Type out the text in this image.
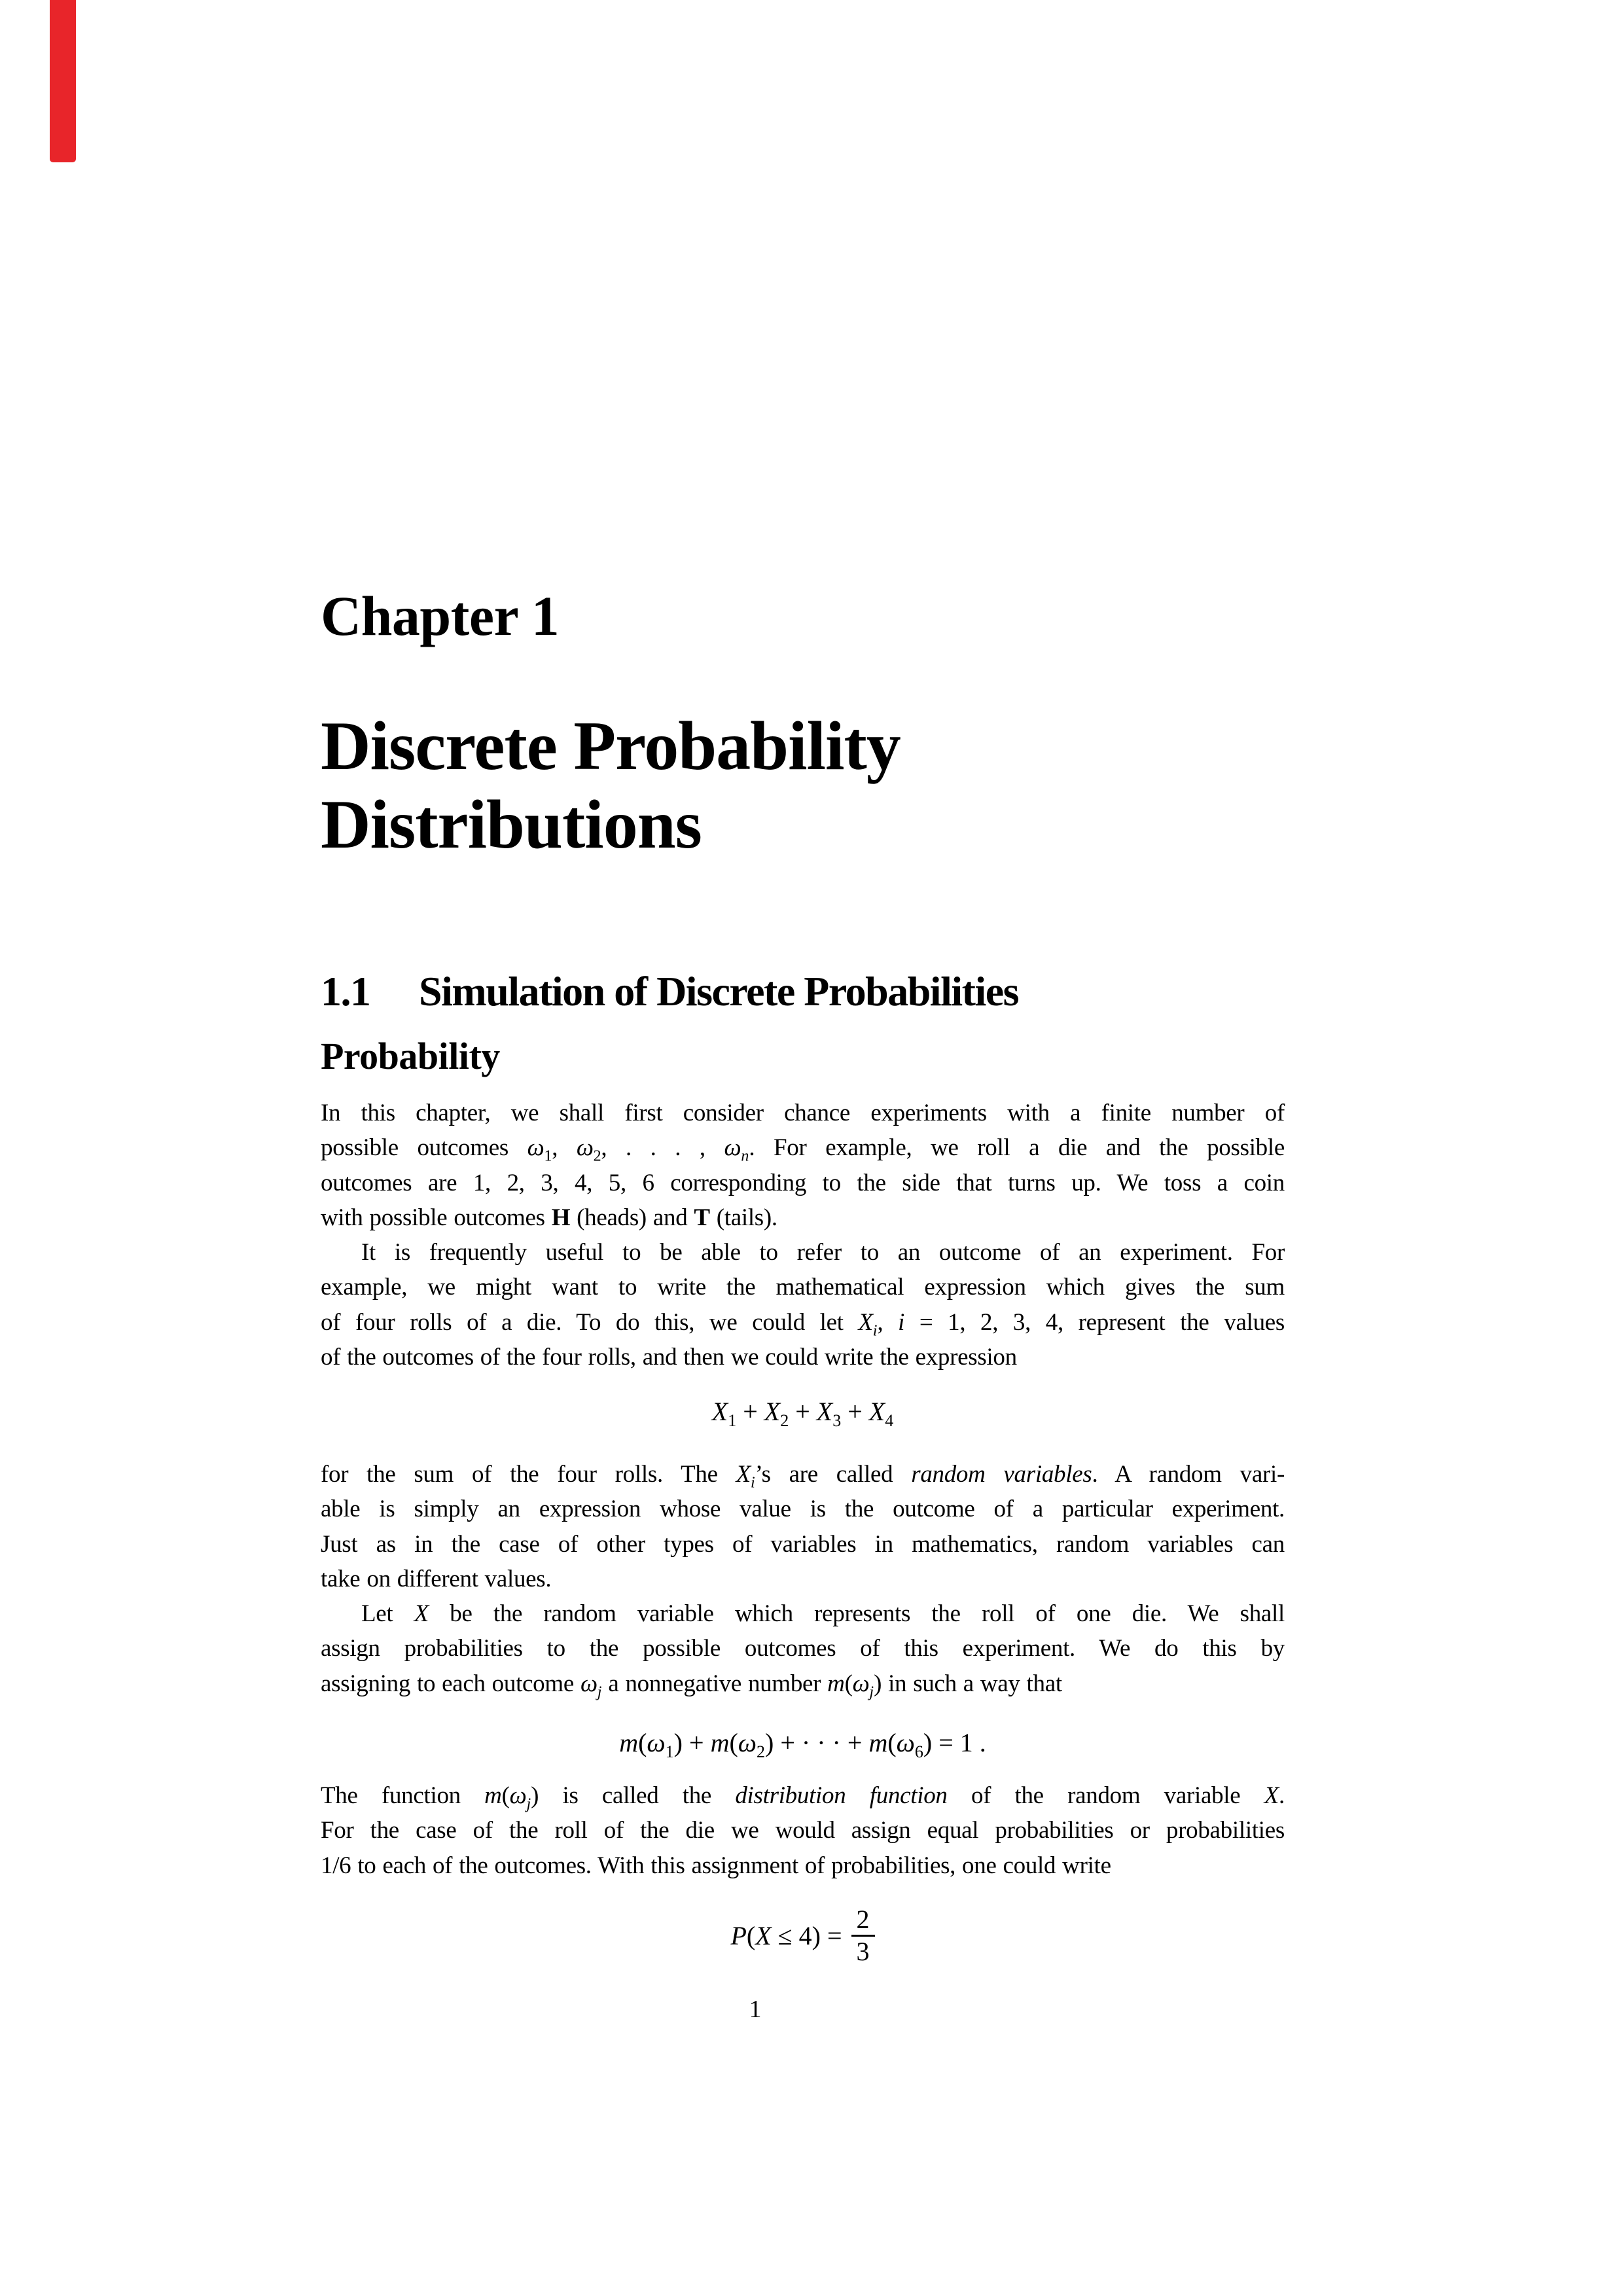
Chapter 1
Discrete Probability
Distributions
1.1 Simulation of Discrete Probabilities
Probability
In this chapter, we shall first consider chance experiments with a finite number of
possible outcomes $\omega_1$, $\omega_2$, . . . , $\omega_n$. For example, we roll a die and the possible
outcomes are 1, 2, 3, 4, 5, 6 corresponding to the side that turns up. We toss a coin
with possible outcomes H (heads) and T (tails).
It is frequently useful to be able to refer to an outcome of an experiment. For
example, we might want to write the mathematical expression which gives the sum
of four rolls of a die. To do this, we could let $X_i$, i = 1, 2, 3, 4, represent the values
of the outcomes of the four rolls, and then we could write the expression
$X_1 + X_2 + X_3 + X_4$
for the sum of the four rolls. The $X_i’s$ are called random variables. A random vari-
able is simply an expression whose value is the outcome of a particular experiment.
Just as in the case of other types of variables in mathematics, random variables can
take on different values.
Let X be the random variable which represents the roll of one die. We shall
assign probabilities to the possible outcomes of this experiment. We do this by
assigning to each outcome $\omega_j$ a nonnegative number $m(\omega_j)$ in such a way that
$m(\omega_1) + m(\omega_2)$ + · · · + $m(\omega_6) = 1$ .
The function $m(\omega_j)$ is called the distribution function of the random variable X.
For the case of the roll of the die we would assign equal probabilities or probabilities
1/6 to each of the outcomes. With this assignment of probabilities, one could write
$P(X \le 4) = \frac{2}{3}$
1
